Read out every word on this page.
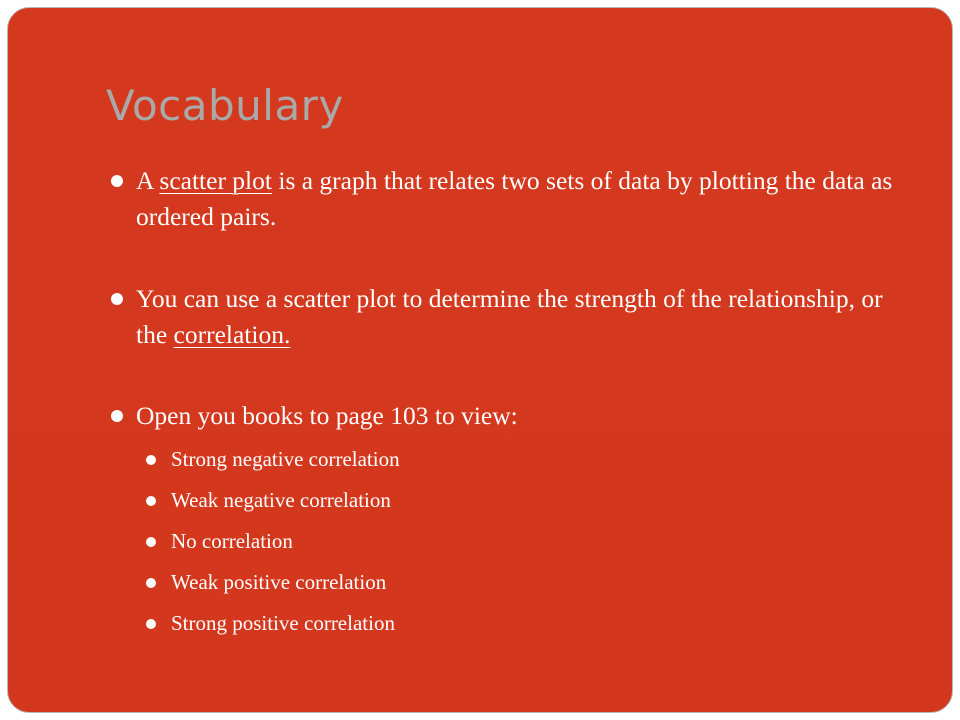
Vocabulary
A scatter plot is a graph that relates two sets of data by plotting the data as ordered pairs.
You can use a scatter plot to determine the strength of the relationship, or the correlation.
Open you books to page 103 to view:
Strong negative correlation
Weak negative correlation
No correlation
Weak positive correlation
Strong positive correlation
